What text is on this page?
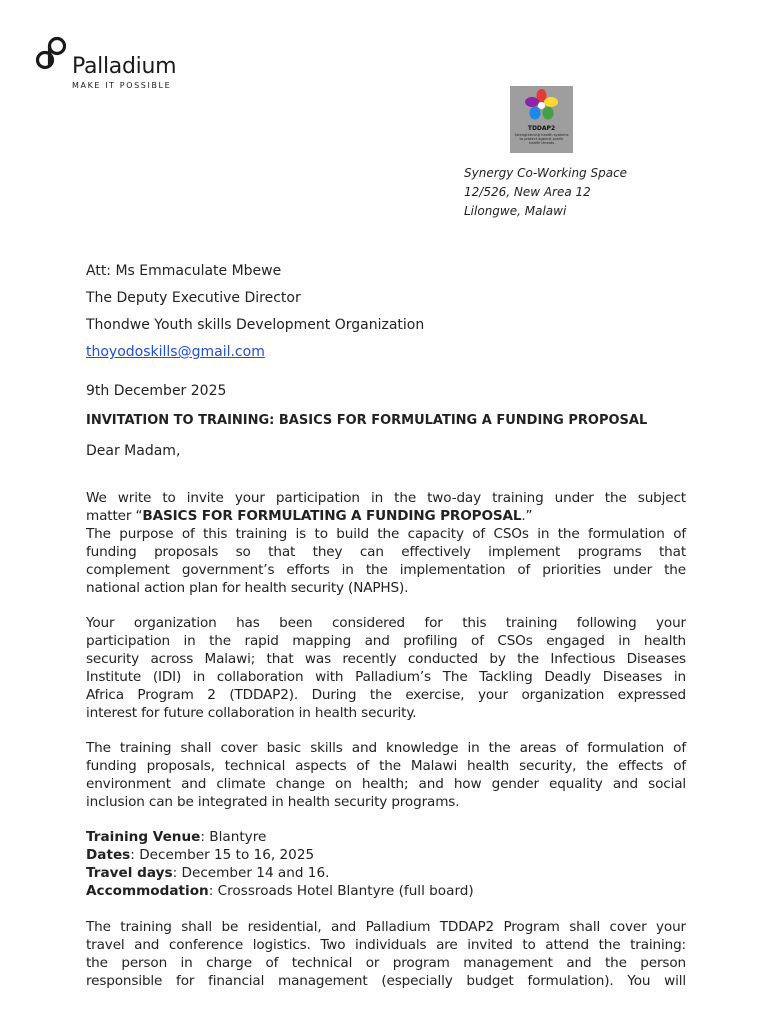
Palladium
MAKE IT POSSIBLE
TDDAP2
Strengthening health systems to protect against public health threats
Synergy Co-Working Space
12/526, New Area 12
Lilongwe, Malawi
Att: Ms Emmaculate Mbewe
The Deputy Executive Director
Thondwe Youth skills Development Organization
thoyodoskills@gmail.com
9th December 2025
INVITATION TO TRAINING: BASICS FOR FORMULATING A FUNDING PROPOSAL
Dear Madam,
We write to invite your participation in the two-day training under the subject
matter “BASICS FOR FORMULATING A FUNDING PROPOSAL.”
The purpose of this training is to build the capacity of CSOs in the formulation of
funding proposals so that they can effectively implement programs that
complement government’s efforts in the implementation of priorities under the
national action plan for health security (NAPHS).
Your organization has been considered for this training following your
participation in the rapid mapping and profiling of CSOs engaged in health
security across Malawi; that was recently conducted by the Infectious Diseases
Institute (IDI) in collaboration with Palladium’s The Tackling Deadly Diseases in
Africa Program 2 (TDDAP2). During the exercise, your organization expressed
interest for future collaboration in health security.
The training shall cover basic skills and knowledge in the areas of formulation of
funding proposals, technical aspects of the Malawi health security, the effects of
environment and climate change on health; and how gender equality and social
inclusion can be integrated in health security programs.
Training Venue: Blantyre
Dates: December 15 to 16, 2025
Travel days: December 14 and 16.
Accommodation: Crossroads Hotel Blantyre (full board)
The training shall be residential, and Palladium TDDAP2 Program shall cover your
travel and conference logistics. Two individuals are invited to attend the training:
the person in charge of technical or program management and the person
responsible for financial management (especially budget formulation). You will
